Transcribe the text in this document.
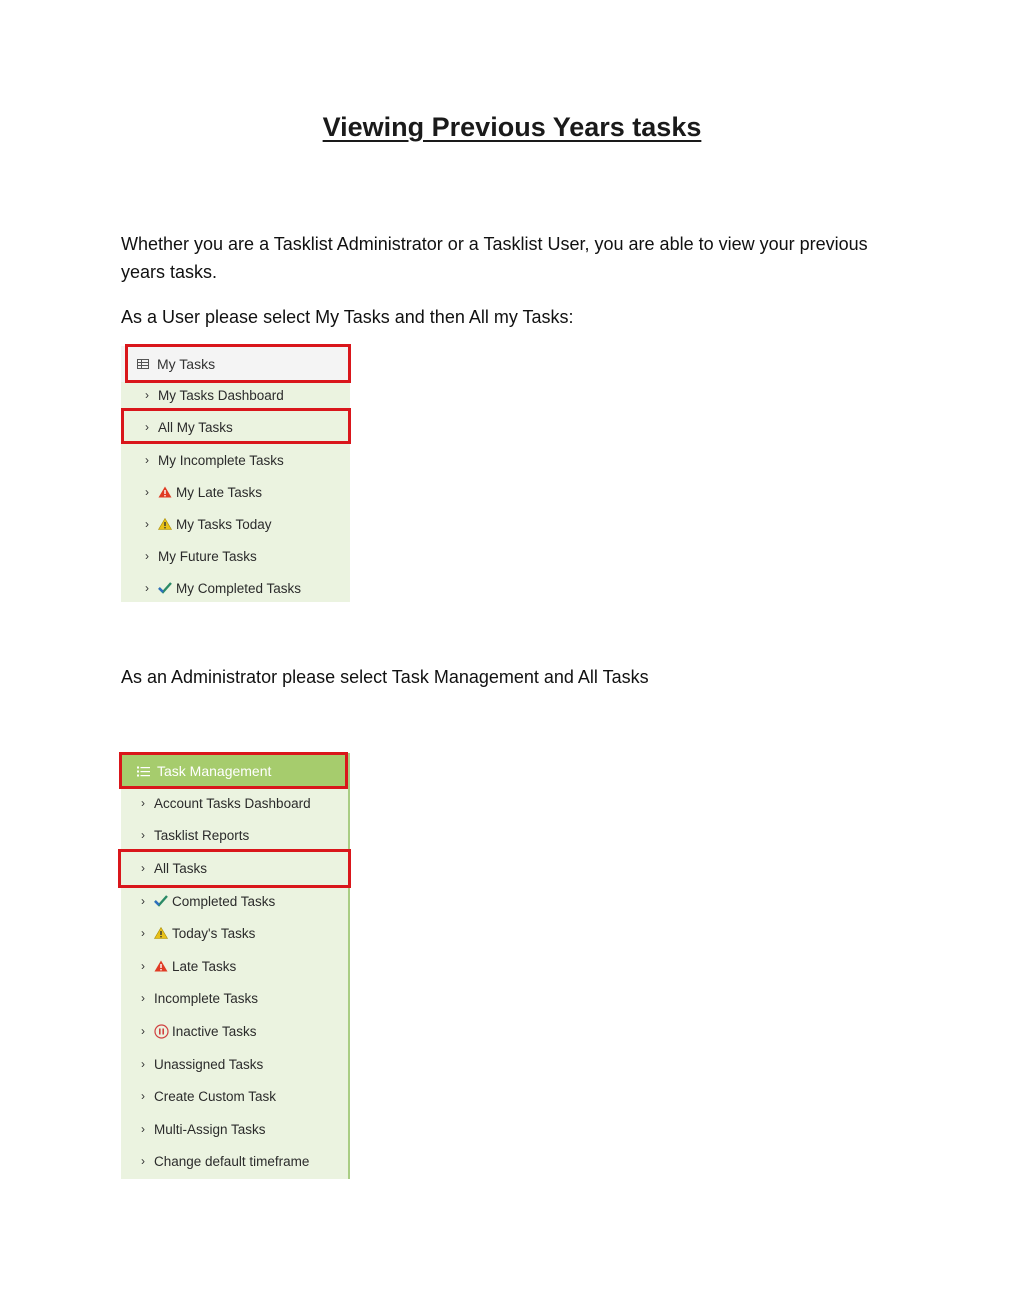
Viewing Previous Years tasks

Whether you are a Tasklist Administrator or a Tasklist User, you are able to view your previous years tasks.

As a User please select My Tasks and then All my Tasks:

As an Administrator please select Task Management and All Tasks

My Tasks
› My Tasks Dashboard
› All My Tasks
› My Incomplete Tasks
›	My Late Tasks
›	My Tasks Today
› My Future Tasks
›	My Completed Tasks
Task Management
› Account Tasks Dashboard
› Tasklist Reports
› All Tasks
›	Completed Tasks
›	Today's Tasks
›	Late Tasks
› Incomplete Tasks
›	Inactive Tasks
› Unassigned Tasks
› Create Custom Task
› Multi-Assign Tasks
› Change default timeframe
